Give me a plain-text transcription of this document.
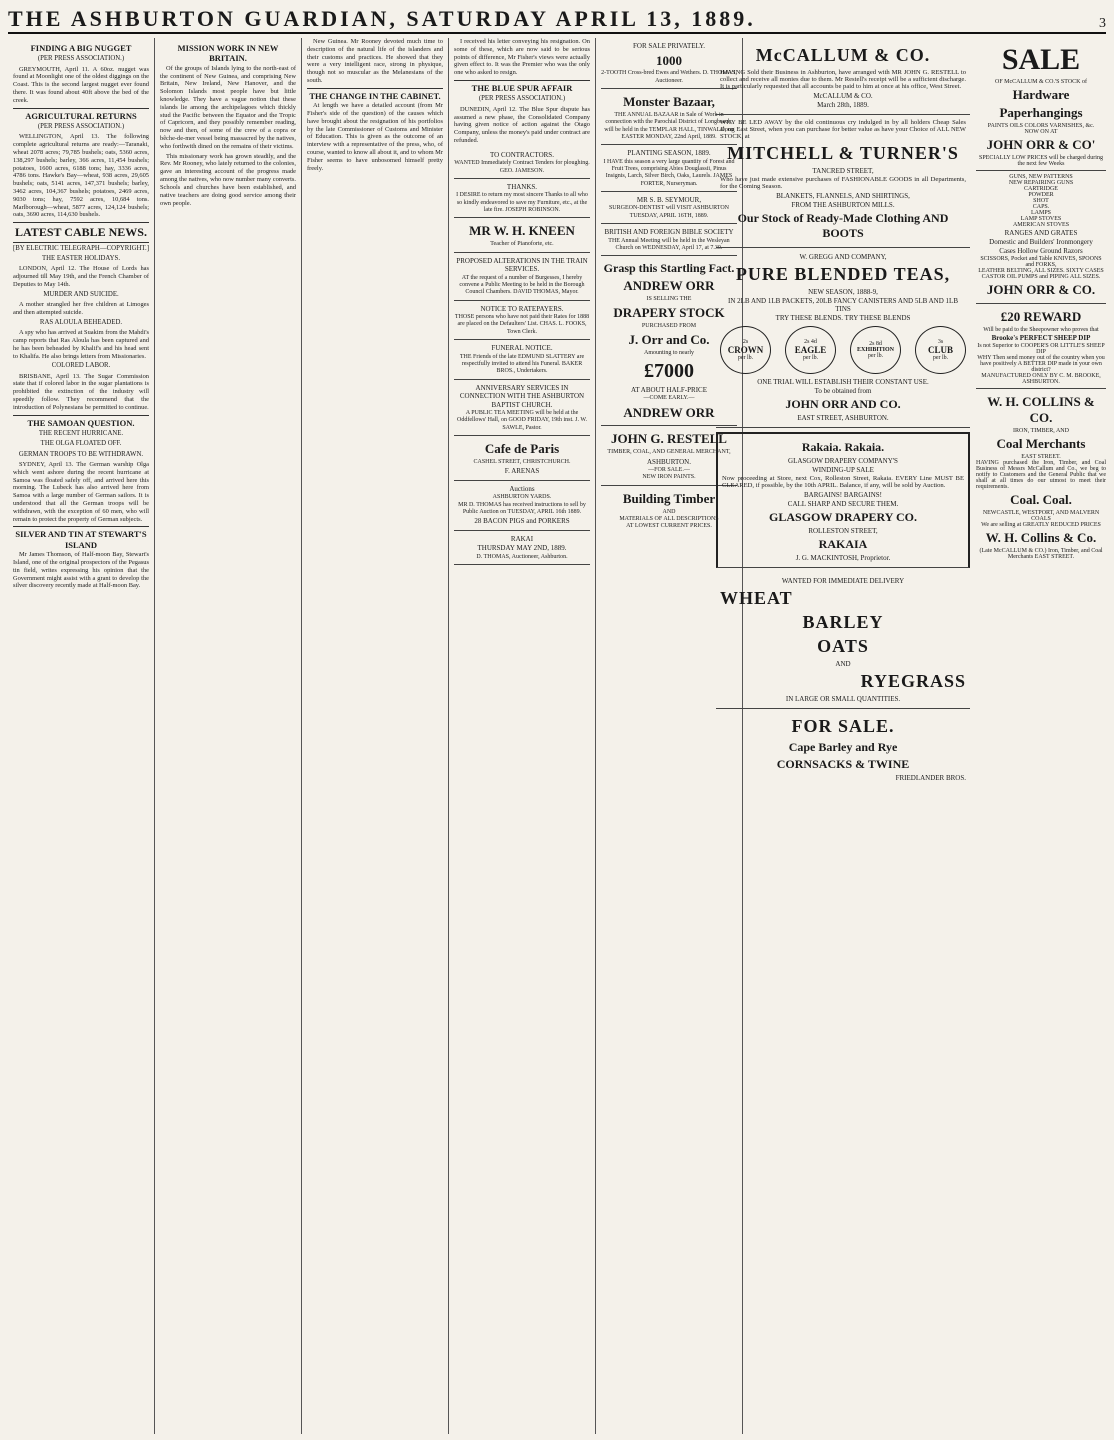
THE ASHBURTON GUARDIAN, SATURDAY APRIL 13, 1889.	3
FINDING A BIG NUGGET
(PER PRESS ASSOCIATION.)

GREYMOUTH, April 11. A 60oz. nugget was found at Moonlight one of the oldest diggings on the Coast. This is the second largest nugget ever found there. It was found about 40ft above the bed of the creek.

AGRICULTURAL RETURNS
(PER PRESS ASSOCIATION.)

WELLINGTON, April 13. The following complete agricultural returns are ready:—Taranaki, wheat 2078 acres; 79,785 bushels; oats, 5360 acres, 138,297 bushels; barley, 366 acres, 11,454 bushels; potatoes, 1600 acres, 6188 tons; hay, 3336 acres, 4786 tons. Hawke's Bay—wheat, 938 acres, 29,605 bushels; oats, 5141 acres, 147,371 bushels; barley, 3462 acres, 104,367 bushels; potatoes, 2469 acres, 9030 tons; hay, 7592 acres, 10,684 tons. Marlborough—wheat, 5877 acres, 124,124 bushels; oats, 3690 acres, 114,630 bushels.

LATEST CABLE NEWS.
[BY ELECTRIC TELEGRAPH—COPYRIGHT.]
THE EASTER HOLIDAYS.

LONDON, April 12. The House of Lords has adjourned till May 19th, and the French Chamber of Deputies to May 14th.

MURDER AND SUICIDE.

A mother strangled her five children at Limoges and then attempted suicide.

RAS ALOULA BEHEADED.

A spy who has arrived at Suakim from the Mahdi's camp reports that Ras Aloula has been captured and he has been beheaded by Khalif's and his head sent to Khalifa. He also brings letters from Missionaries.

COLORED LABOR.

BRISBANE, April 13. The Sugar Commission state that if colored labor in the sugar plantations is prohibited the extinction of the industry will speedily follow. They recommend that the introduction of Polynesians be permitted to continue.

THE SAMOAN QUESTION.
THE RECENT HURRICANE.
THE OLGA FLOATED OFF.
GERMAN TROOPS TO BE WITHDRAWN.

SYDNEY, April 13. The German warship Olga which went ashore during the recent hurricane at Samoa was floated safely off, and arrived here this morning. The Lubeck has also arrived here from Samoa with a large number of German sailors. It is understood that all the German troops will be withdrawn, with the exception of 60 men, who will remain to protect the property of German subjects.

SILVER AND TIN AT STEWART'S ISLAND

Mr James Thomson, of Half-moon Bay, Stewart's Island, one of the original prospectors of the Pegasus tin field, writes expressing his opinion that the Government might assist with a grant to develop the silver discovery recently made at Half-moon Bay.

MISSION WORK IN NEW BRITAIN.

Of the groups of Islands lying to the north-east of the continent of New Guinea, and comprising New Britain, New Ireland, New Hanover, and the Solomon Islands most people have but little knowledge. They have a vague notion that these islands lie among the archipelagoes which thickly stud the Pacific between the Equator and the Tropic of Capricorn, and they possibly remember reading, now and then, of some of the crew of a copra or bêche-de-mer vessel being massacred by the natives, who forthwith dined on the remains of their victims.

This missionary work has grown steadily, and the Rev. Mr Rooney, who lately returned to the colonies, gave an interesting account of the progress made among the natives, who now number many converts. Schools and churches have been established, and native teachers are doing good service among their own people.

New Guinea. Mr Rooney devoted much time to description of the natural life of the islanders and their customs and practices. He showed that they were a very intelligent race, strong in physique, though not so muscular as the Melanesians of the south.

THE CHANGE IN THE CABINET.

At length we have a detailed account (from Mr Fisher's side of the question) of the causes which have brought about the resignation of his portfolios by the late Commissioner of Customs and Minister of Education. This is given as the outcome of an interview with a representative of the press, who, of course, wanted to know all about it, and to whom Mr Fisher seems to have unbosomed himself pretty freely.

I received his letter conveying his resignation. On some of these, which are now said to be serious points of difference, Mr Fisher's views were actually given effect to. It was the Premier who was the only one who asked to resign.

THE BLUE SPUR AFFAIR
(PER PRESS ASSOCIATION.)

DUNEDIN, April 12. The Blue Spur dispute has assumed a new phase, the Consolidated Company having given notice of action against the Otago Company, unless the money's paid under contract are refunded.

TO CONTRACTORS.
WANTED Immediately Contract Tenders for ploughing. GEO. JAMESON.
THANKS.
I DESIRE to return my most sincere Thanks to all who so kindly endeavored to save my Furniture, etc., at the late fire. JOSEPH ROBINSON.
MR W. H. KNEEN
Teacher of Pianoforte, etc.
PROPOSED ALTERATIONS IN THE TRAIN SERVICES.
AT the request of a number of Burgesses, I hereby convene a Public Meeting to be held in the Borough Council Chambers. DAVID THOMAS, Mayor.
NOTICE TO RATEPAYERS.
THOSE persons who have not paid their Rates for 1888 are placed on the Defaulters' List. CHAS. L. FOOKS, Town Clerk.
FUNERAL NOTICE.
THE Friends of the late EDMUND SLATTERY are respectfully invited to attend his Funeral. BAKER BROS., Undertakers.
ANNIVERSARY SERVICES IN CONNECTION WITH THE ASHBURTON BAPTIST CHURCH.
A PUBLIC TEA MEETING will be held at the Oddfellows' Hall, on GOOD FRIDAY, 19th inst. J. W. SAWLE, Pastor.
Cafe de Paris
CASHEL STREET, CHRISTCHURCH.
F. ARENAS
Auctions
ASHBURTON YARDS.
MR D. THOMAS has received instructions to sell by Public Auction on TUESDAY, APRIL 16th 1889.
28 BACON PIGS and PORKERS
RAKAI
THURSDAY MAY 2ND, 1889.
D. THOMAS, Auctioneer, Ashburton.
FOR SALE PRIVATELY.
1000
2-TOOTH Cross-bred Ewes and Wethers. D. THOMAS, Auctioneer.
Monster Bazaar,
THE ANNUAL BAZAAR in Sale of Work in connection with the Parochial District of Longbeach, will be held in the TEMPLAR HALL, TINWALD, on EASTER MONDAY, 22nd April, 1889.
PLANTING SEASON, 1889.
I HAVE this season a very large quantity of Forest and Fruit Trees, comprising Abies Douglassii, Pinus Insignis, Larch, Silver Birch, Oaks, Laurels. JAMES FORTER, Nurseryman.
MR S. B. SEYMOUR,
SURGEON-DENTIST will VISIT ASHBURTON TUESDAY, APRIL 16TH, 1889.
BRITISH AND FOREIGN BIBLE SOCIETY
THE Annual Meeting will be held in the Wesleyan Church on WEDNESDAY, April 17, at 7.30.
Grasp this Startling Fact.
ANDREW ORR
IS SELLING THE
DRAPERY STOCK
PURCHASED FROM
J. Orr and Co.
Amounting to nearly
£7000
AT ABOUT HALF-PRICE
—COME EARLY.—
ANDREW ORR
JOHN G. RESTELL
TIMBER, COAL, AND GENERAL MERCHANT,
ASHBURTON.
—FOR SALE.—
NEW IRON PAINTS.
Building Timber
AND
MATERIALS OF ALL DESCRIPTIONS
AT LOWEST CURRENT PRICES.
McCALLUM & CO.

HAVING Sold their Business in Ashburton, have arranged with MR JOHN G. RESTELL to collect and receive all monies due to them. Mr Restell's receipt will be a sufficient discharge. It is particularly requested that all accounts be paid to him at once at his office, West Street.

McCALLUM & CO.
March 28th, 1889.

WHY BE LED AWAY by the old continuous cry indulged in by all holders Cheap Sales along East Street, when you can purchase for better value as have your Choice of ALL NEW STOCK, at

MITCHELL & TURNER'S
TANCRED STREET,

Who have just made extensive purchases of FASHIONABLE GOODS in all Departments, for the Coming Season.

BLANKETS, FLANNELS, AND SHIRTINGS,
FROM THE ASHBURTON MILLS.
Our Stock of Ready-Made Clothing AND BOOTS
W. GREGG AND COMPANY,
PURE BLENDED TEAS,
NEW SEASON, 1888-9,
IN 2LB AND 1LB PACKETS, 20LB FANCY CANISTERS AND 5LB AND 1LB TINS
TRY THESE BLENDS. TRY THESE BLENDS
2s
CROWN
per lb.
2s 4d
EAGLE
per lb.
2s 8d
EXHIBITION
per lb.
3s
CLUB
per lb.
ONE TRIAL WILL ESTABLISH THEIR CONSTANT USE.
To be obtained from
JOHN ORR AND CO.
EAST STREET, ASHBURTON.
Rakaia. Rakaia.
GLASGOW DRAPERY COMPANY'S
WINDING-UP SALE

Now proceeding at Store, next Cox, Rolleston Street, Rakaia. EVERY Line MUST BE CLEARED, if possible, by the 10th APRIL. Balance, if any, will be sold by Auction.

BARGAINS! BARGAINS!
CALL SHARP AND SECURE THEM.
GLASGOW DRAPERY CO.
ROLLESTON STREET,
RAKAIA
J. G. MACKINTOSH, Proprietor.
WANTED FOR IMMEDIATE DELIVERY
WHEAT
BARLEY
OATS
AND
RYEGRASS
IN LARGE OR SMALL QUANTITIES.
FOR SALE.
Cape Barley and Rye
CORNSACKS & TWINE
FRIEDLANDER BROS.
SALE
OF McCALLUM & CO.'S STOCK of
Hardware
Paperhangings
PAINTS OILS COLORS VARNISHES, &c.
NOW ON AT
JOHN ORR & CO'
SPECIALLY LOW PRICES will be charged during the next few Weeks
GUNS, NEW PATTERNS
NEW REPAIRING GUNS
CARTRIDGE
POWDER
SHOT
CAPS.
LAMPS
LAMP STOVES
AMERICAN STOVES
RANGES AND GRATES
Domestic and Builders' Ironmongery
Cases Hollow Ground Razors
SCISSORS, Pocket and Table KNIVES, SPOONS and FORKS,
LEATHER BELTING, ALL SIZES. SIXTY CASES CASTOR OIL PUMPS and PIPING ALL SIZES.
JOHN ORR & CO.
£20 REWARD
Will be paid to the Sheepowner who proves that
Brooke's PERFECT SHEEP DIP
Is not Superior to COOPER'S OR LITTLE'S SHEEP DIP
WHY Then send money out of the country when you have positively A BETTER DIP made in your own district?
MANUFACTURED ONLY BY C. M. BROOKE, ASHBURTON.
W. H. COLLINS & CO.
IRON, TIMBER, AND
Coal Merchants
EAST STREET.
HAVING purchased the Iron, Timber, and Coal Business of Messrs McCallum and Co., we beg to notify to Customers and the General Public that we shall at all times do our utmost to meet their requirements.
Coal. Coal.
NEWCASTLE, WESTPORT, AND MALVERN COALS
We are selling at GREATLY REDUCED PRICES
W. H. Collins & Co.
(Late McCALLUM & CO.) Iron, Timber, and Coal Merchants EAST STREET.
